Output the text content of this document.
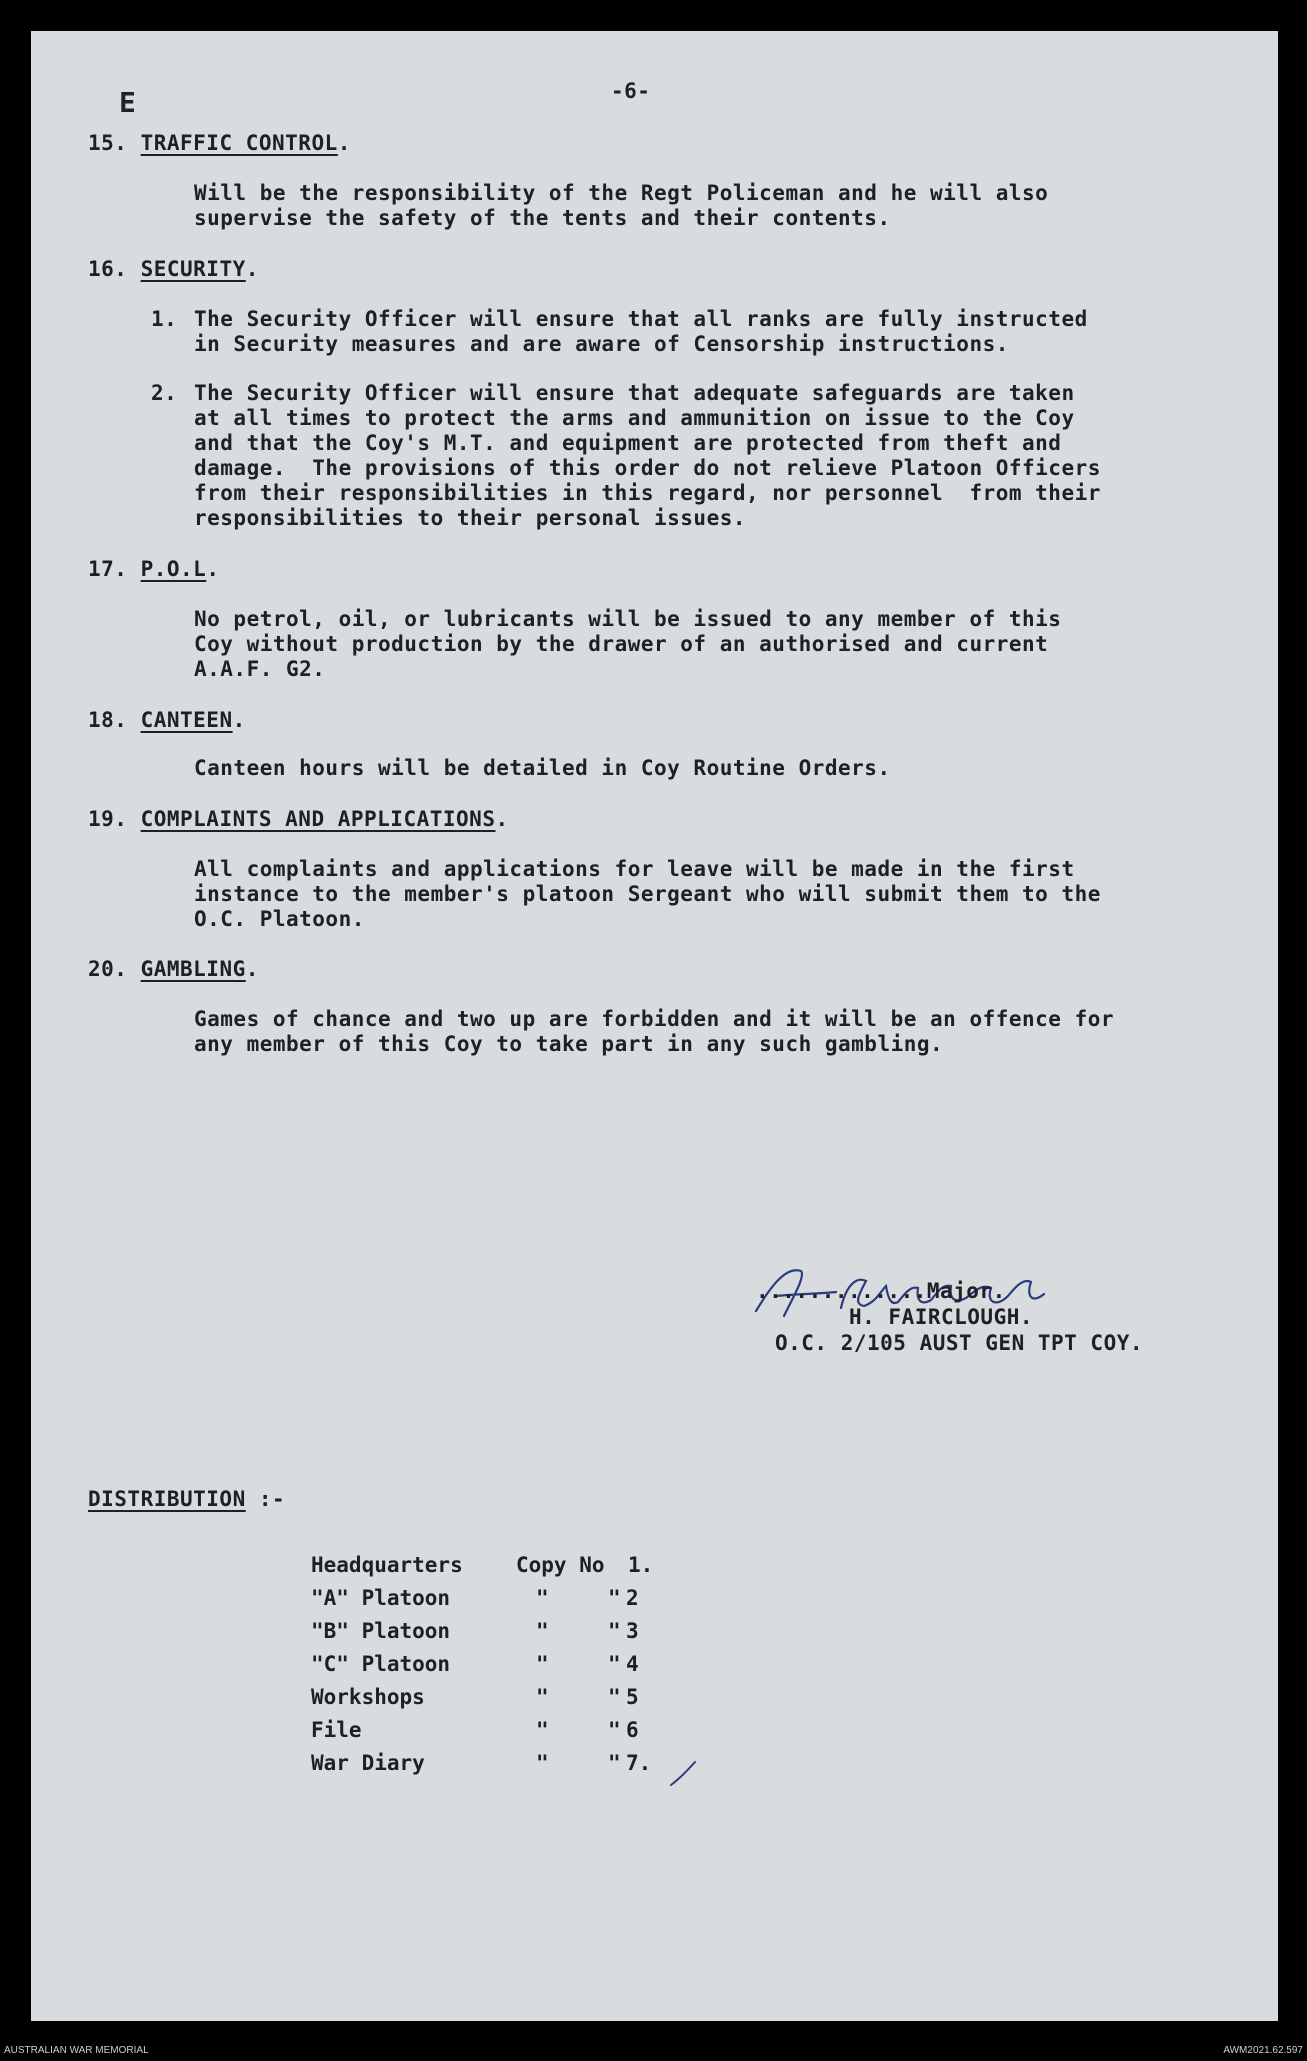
E	-6-
15. TRAFFIC CONTROL.
Will be the responsibility of the Regt Policeman and he will also
supervise the safety of the tents and their contents.
16. SECURITY.
1. The Security Officer will ensure that all ranks are fully instructed
in Security measures and are aware of Censorship instructions.
2. The Security Officer will ensure that adequate safeguards are taken
at all times to protect the arms and ammunition on issue to the Coy
and that the Coy's M.T. and equipment are protected from theft and
damage.  The provisions of this order do not relieve Platoon Officers
from their responsibilities in this regard, nor personnel  from their
responsibilities to their personal issues.
17. P.O.L.
No petrol, oil, or lubricants will be issued to any member of this
Coy without production by the drawer of an authorised and current
A.A.F. G2.
18. CANTEEN.
Canteen hours will be detailed in Coy Routine Orders.
19. COMPLAINTS AND APPLICATIONS.
All complaints and applications for leave will be made in the first
instance to the member's platoon Sergeant who will submit them to the
O.C. Platoon.
20. GAMBLING.
Games of chance and two up are forbidden and it will be an offence for
any member of this Coy to take part in any such gambling.
.............Major.
H. FAIRCLOUGH.
O.C. 2/105 AUST GEN TPT COY.
DISTRIBUTION :-
Headquarters	Copy No	1.
"A" Platoon	"	"	2
"B" Platoon	"	"	3
"C" Platoon	"	"	4
Workshops	"	"	5
File	"	"	6
War Diary	"	"	7.
AUSTRALIAN WAR MEMORIAL	AWM2021.62.597
